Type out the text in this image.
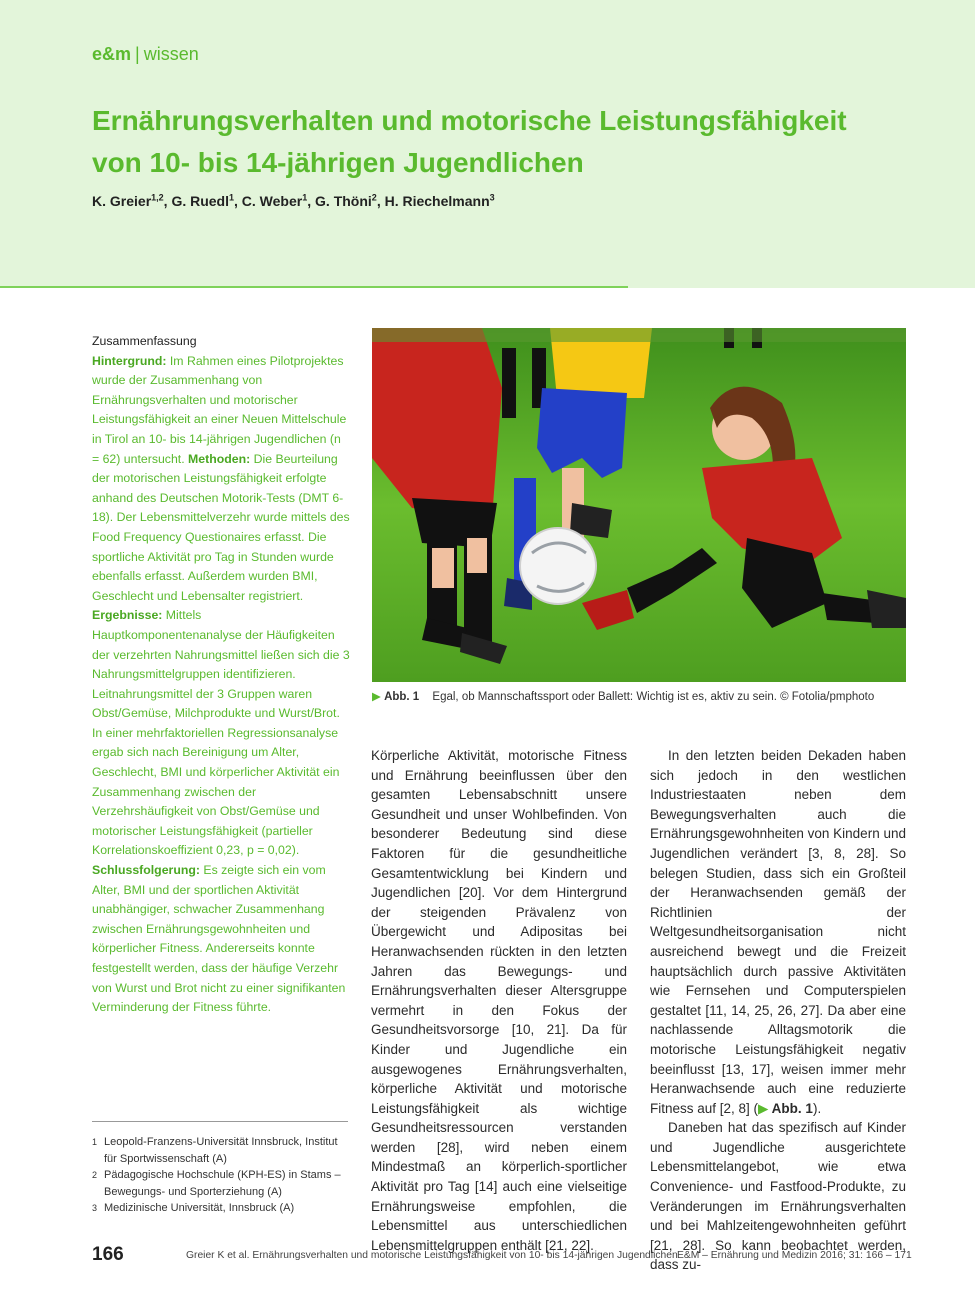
e&m | wissen
Ernährungsverhalten und motorische Leistungsfähigkeit
von 10- bis 14-jährigen Jugendlichen
K. Greier$^{1,2}$, G. Ruedl$^1$, C. Weber$^1$, G. Thöni$^2$, H. Riechelmann$^3$
Zusammenfassung
Hintergrund: Im Rahmen eines Pilotprojektes wurde der Zusammenhang von Ernährungsverhalten und motorischer Leistungsfähigkeit an einer Neuen Mittelschule in Tirol an 10- bis 14-jährigen Jugendlichen (n = 62) untersucht. Methoden: Die Beurteilung der motorischen Leistungsfähigkeit erfolgte anhand des Deutschen Motorik-Tests (DMT 6-18). Der Lebensmittelverzehr wurde mittels des Food Frequency Questionaires erfasst. Die sportliche Aktivität pro Tag in Stunden wurde ebenfalls erfasst. Außerdem wurden BMI, Geschlecht und Lebensalter registriert. Ergebnisse: Mittels Hauptkomponentenanalyse der Häufigkeiten der verzehrten Nahrungsmittel ließen sich die 3 Nahrungsmittelgruppen identifizieren. Leitnahrungsmittel der 3 Gruppen waren Obst/Gemüse, Milchprodukte und Wurst/Brot. In einer mehrfaktoriellen Regressionsanalyse ergab sich nach Bereinigung um Alter, Geschlecht, BMI und körperlicher Aktivität ein Zusammenhang zwischen der Verzehrshäufigkeit von Obst/Gemüse und motorischer Leistungsfähigkeit (partieller Korrelationskoeffizient 0,23, p = 0,02). Schlussfolgerung: Es zeigte sich ein vom Alter, BMI und der sportlichen Aktivität unabhängiger, schwacher Zusammenhang zwischen Ernährungsgewohnheiten und körperlicher Fitness. Andererseits konnte festgestellt werden, dass der häufige Verzehr von Wurst und Brot nicht zu einer signifikanten Verminderung der Fitness führte.
1 Leopold-Franzens-Universität Innsbruck, Institut für Sportwissenschaft (A)
2 Pädagogische Hochschule (KPH-ES) in Stams – Bewegungs- und Sporterziehung (A)
3 Medizinische Universität, Innsbruck (A)
▶ Abb. 1 Egal, ob Mannschaftssport oder Ballett: Wichtig ist es, aktiv zu sein. © Fotolia/pmphoto

Körperliche Aktivität, motorische Fitness und Ernährung beeinflussen über den gesamten Lebensabschnitt unsere Gesundheit und unser Wohlbefinden. Von besonderer Bedeutung sind diese Faktoren für die gesundheitliche Gesamtentwicklung bei Kindern und Jugendlichen [20]. Vor dem Hintergrund der steigenden Prävalenz von Übergewicht und Adipositas bei Heranwachsenden rückten in den letzten Jahren das Bewegungs- und Ernährungsverhalten dieser Altersgruppe vermehrt in den Fokus der Gesundheitsvorsorge [10, 21]. Da für Kinder und Jugendliche ein ausgewogenes Ernährungsverhalten, körperliche Aktivität und motorische Leistungsfähigkeit als wichtige Gesundheitsressourcen verstanden werden [28], wird neben einem Mindestmaß an körperlich-sportlicher Aktivität pro Tag [14] auch eine vielseitige Ernährungsweise empfohlen, die Lebensmittel aus unterschiedlichen Lebensmittelgruppen enthält [21, 22].

In den letzten beiden Dekaden haben sich jedoch in den westlichen Industriestaaten neben dem Bewegungsverhalten auch die Ernährungsgewohnheiten von Kindern und Jugendlichen verändert [3, 8, 28]. So belegen Studien, dass sich ein Großteil der Heranwachsenden gemäß der Richtlinien der Weltgesundheitsorganisation nicht ausreichend bewegt und die Freizeit hauptsächlich durch passive Aktivitäten wie Fernsehen und Computerspielen gestaltet [11, 14, 25, 26, 27]. Da aber eine nachlassende Alltagsmotorik die motorische Leistungsfähigkeit negativ beeinflusst [13, 17], weisen immer mehr Heranwachsende auch eine reduzierte Fitness auf [2, 8] (▶ Abb. 1).

Daneben hat das spezifisch auf Kinder und Jugendliche ausgerichtete Lebensmittelangebot, wie etwa Convenience- und Fastfood-Produkte, zu Veränderungen im Ernährungsverhalten und bei Mahlzeitengewohnheiten geführt [21, 28]. So kann beobachtet werden, dass zu-

166	Greier K et al. Ernährungsverhalten und motorische Leistungsfähigkeit von 10- bis 14-jährigen Jugendlichen E&M – Ernährung und Medizin 2016; 31: 166 – 171
